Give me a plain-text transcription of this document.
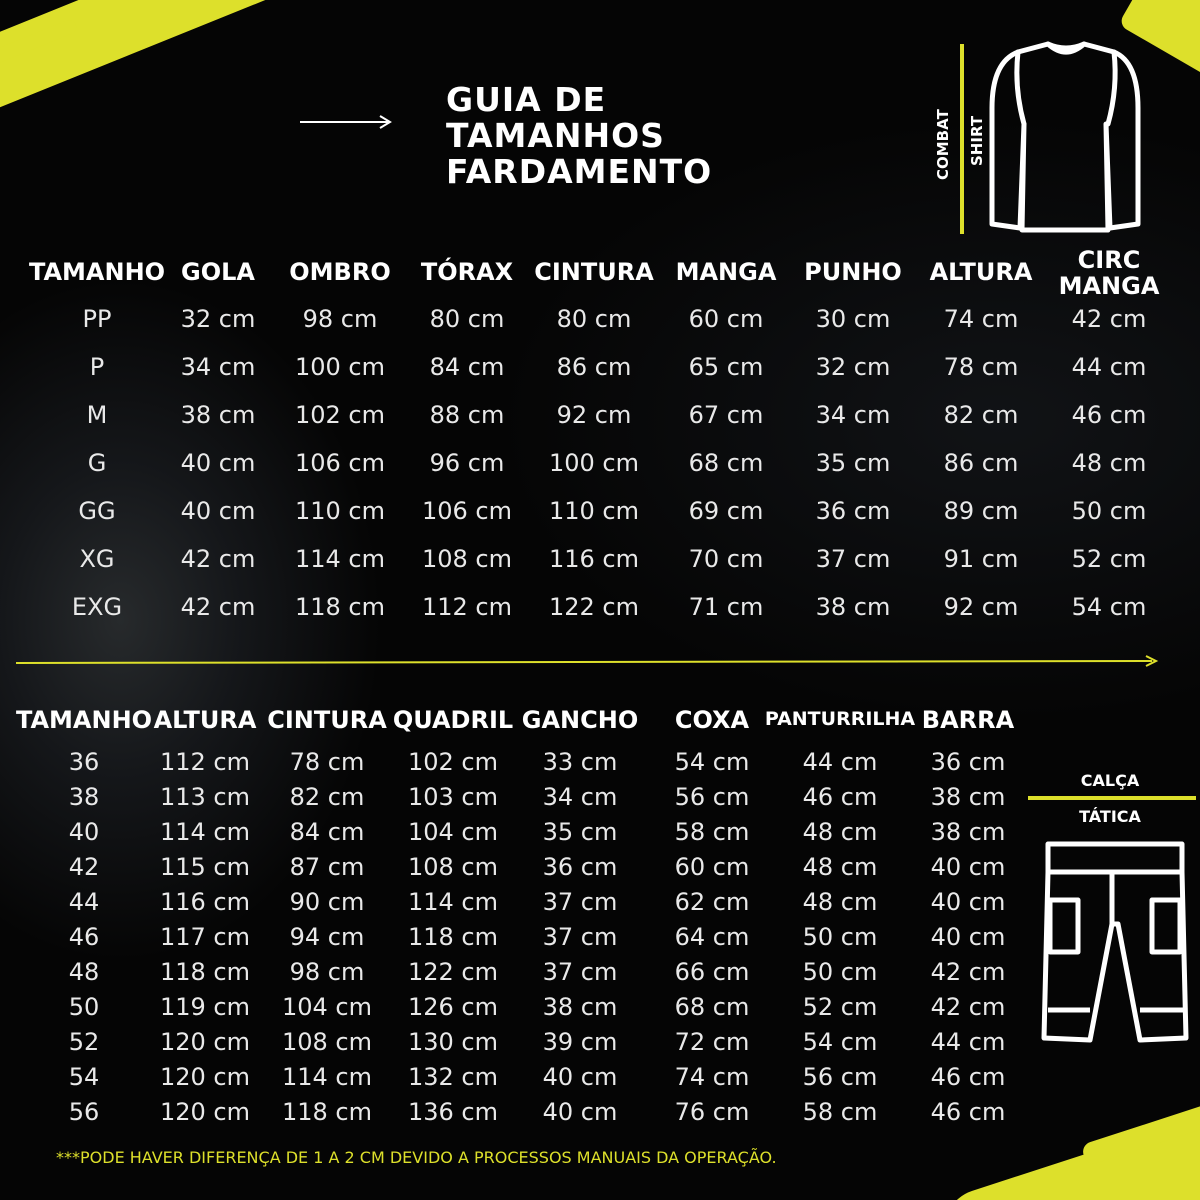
GUIA DE
TAMANHOS
FARDAMENTO	COMBAT SHIRT
TAMANHO GOLA OMBRO TÓRAX CINTURA MANGA PUNHO ALTURA CIRC
MANGA
PP	32 cm 98 cm 80 cm 80 cm 60 cm 30 cm 74 cm 42 cm
P	34 cm 100 cm 84 cm 86 cm 65 cm 32 cm 78 cm 44 cm
M	38 cm 102 cm 88 cm 92 cm 67 cm 34 cm 82 cm 46 cm
G	40 cm 106 cm 96 cm 100 cm 68 cm 35 cm 86 cm 48 cm
GG	40 cm 110 cm 106 cm 110 cm 69 cm 36 cm 89 cm 50 cm
XG	42 cm 114 cm 108 cm 116 cm 70 cm 37 cm 91 cm 52 cm
EXG 42 cm 118 cm 112 cm 122 cm 71 cm 38 cm 92 cm 54 cm
CALÇA
TÁTICA
TAMANHO ALTURA CINTURA QUADRIL GANCHO COXA PANTURRILHA BARRA
36	112 cm 78 cm 102 cm 33 cm 54 cm 44 cm 36 cm
38	113 cm 82 cm 103 cm 34 cm 56 cm 46 cm 38 cm
40	114 cm 84 cm 104 cm 35 cm 58 cm 48 cm 38 cm
42	115 cm 87 cm 108 cm 36 cm 60 cm 48 cm 40 cm
44	116 cm 90 cm 114 cm 37 cm 62 cm 48 cm 40 cm
46	117 cm 94 cm 118 cm 37 cm 64 cm 50 cm 40 cm
48	118 cm 98 cm 122 cm 37 cm 66 cm 50 cm 42 cm
50	119 cm 104 cm 126 cm 38 cm 68 cm 52 cm 42 cm
52	120 cm 108 cm 130 cm 39 cm 72 cm 54 cm 44 cm
54	120 cm 114 cm 132 cm 40 cm 74 cm 56 cm 46 cm
56	120 cm 118 cm 136 cm 40 cm 76 cm 58 cm 46 cm
***PODE HAVER DIFERENÇA DE 1 A 2 CM DEVIDO A PROCESSOS MANUAIS DA OPERAÇÃO.
